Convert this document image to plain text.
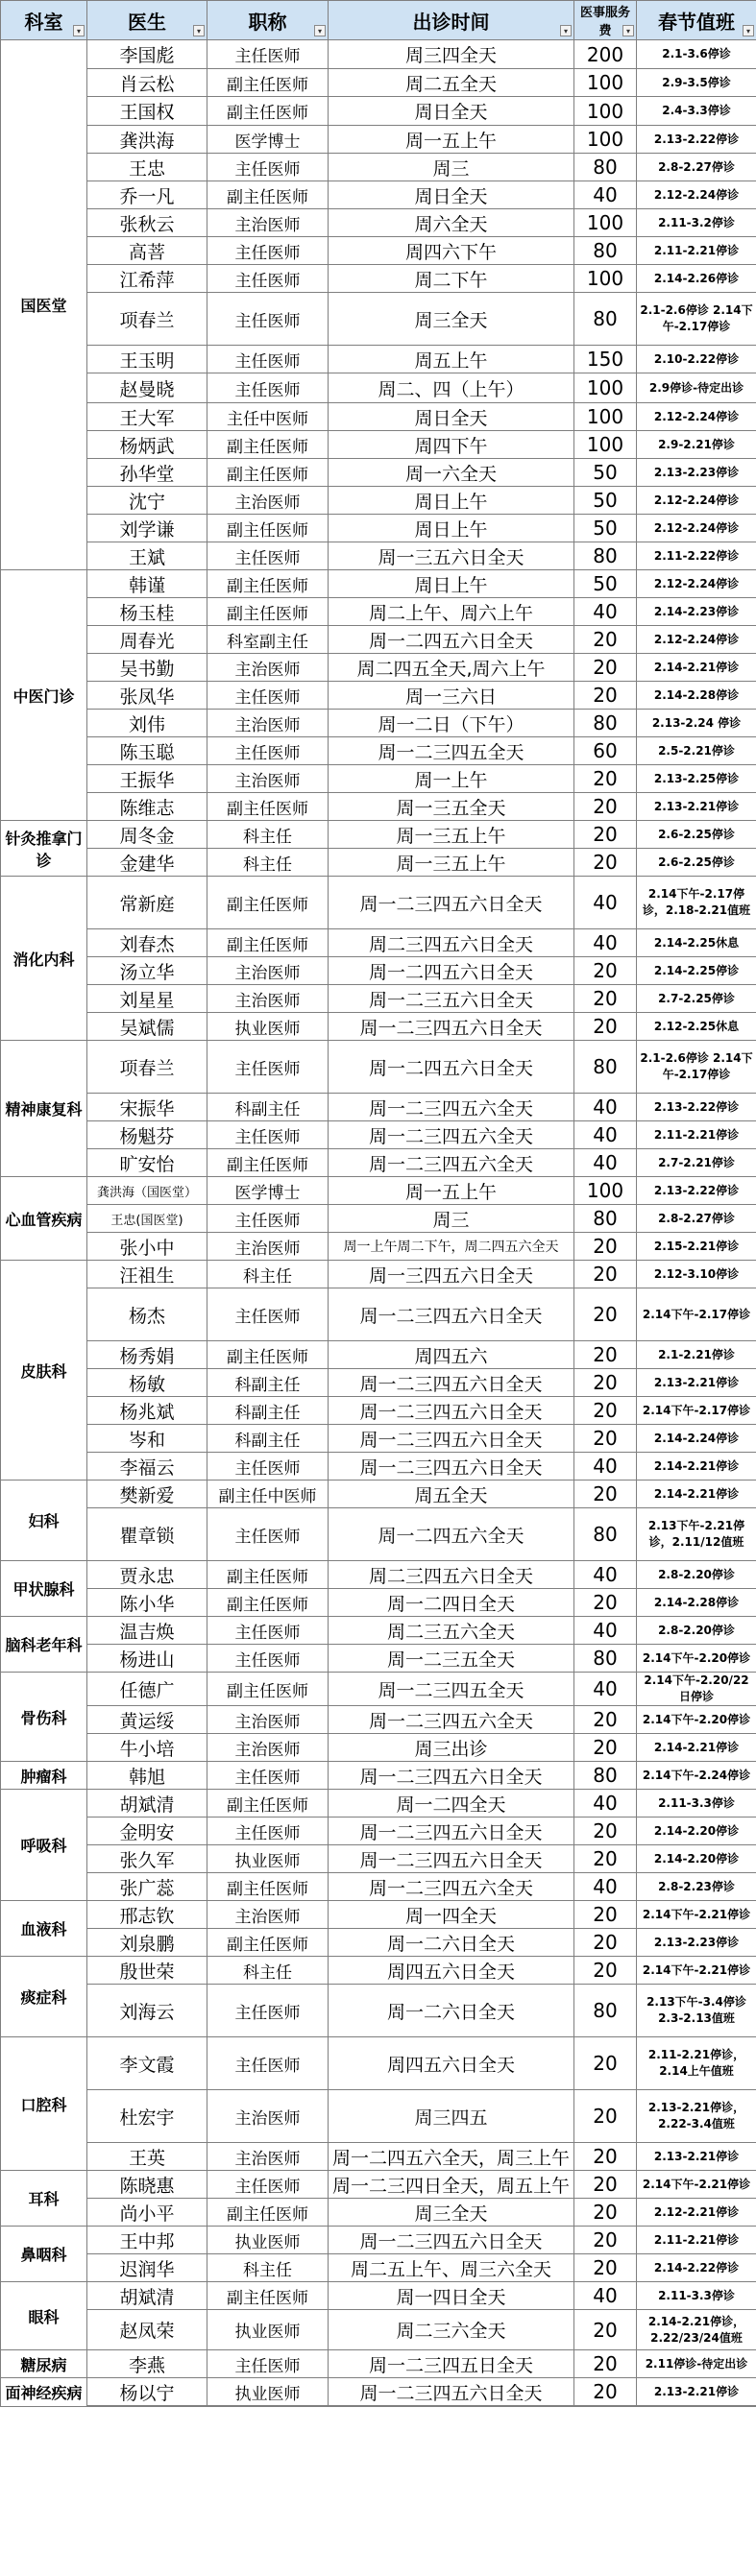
科室 ▾	医生 ▾	职称 ▾	出诊时间 ▾	医事服务费 ▾	春节值班 ▾

国医堂	李国彪	主任医师	周三四全天	200	2.1-3.6停诊
	肖云松	副主任医师	周二五全天	100	2.9-3.5停诊
	王国权	副主任医师	周日全天	100	2.4-3.3停诊
	龚洪海	医学博士	周一五上午	100	2.13-2.22停诊
	王忠	主任医师	周三	80	2.8-2.27停诊
	乔一凡	副主任医师	周日全天	40	2.12-2.24停诊
	张秋云	主治医师	周六全天	100	2.11-3.2停诊
	高菩	主任医师	周四六下午	80	2.11-2.21停诊
	江希萍	主任医师	周二下午	100	2.14-2.26停诊
	项春兰	主任医师	周三全天	80	2.1-2.6停诊 2.14下午-2.17停诊
	王玉明	主任医师	周五上午	150	2.10-2.22停诊
	赵曼晓	主任医师	周二、四（上午）	100	2.9停诊-待定出诊
	王大军	主任中医师	周日全天	100	2.12-2.24停诊
	杨炳武	副主任医师	周四下午	100	2.9-2.21停诊
	孙华堂	副主任医师	周一六全天	50	2.13-2.23停诊
	沈宁	主治医师	周日上午	50	2.12-2.24停诊
	刘学谦	副主任医师	周日上午	50	2.12-2.24停诊
	王斌	主任医师	周一三五六日全天	80	2.11-2.22停诊
中医门诊	韩谨	副主任医师	周日上午	50	2.12-2.24停诊
	杨玉桂	副主任医师	周二上午、周六上午	40	2.14-2.23停诊
	周春光	科室副主任	周一二四五六日全天	20	2.12-2.24停诊
	吴书勤	主治医师	周二四五全天,周六上午	20	2.14-2.21停诊
	张凤华	主任医师	周一三六日	20	2.14-2.28停诊
	刘伟	主治医师	周一二日（下午）	80	2.13-2.24 停诊
	陈玉聪	主任医师	周一二三四五全天	60	2.5-2.21停诊
	王振华	主治医师	周一上午	20	2.13-2.25停诊
	陈维志	副主任医师	周一三五全天	20	2.13-2.21停诊
针灸推拿门诊	周冬金	科主任	周一三五上午	20	2.6-2.25停诊
	金建华	科主任	周一三五上午	20	2.6-2.25停诊
消化内科	常新庭	副主任医师	周一二三四五六日全天	40	2.14下午-2.17停诊，2.18-2.21值班
	刘春杰	副主任医师	周二三四五六日全天	40	2.14-2.25休息
	汤立华	主治医师	周一二四五六日全天	20	2.14-2.25停诊
	刘星星	主治医师	周一二三五六日全天	20	2.7-2.25停诊
	吴斌儒	执业医师	周一二三四五六日全天	20	2.12-2.25休息
精神康复科	项春兰	主任医师	周一二四五六日全天	80	2.1-2.6停诊 2.14下午-2.17停诊
	宋振华	科副主任	周一二三四五六全天	40	2.13-2.22停诊
	杨魁芬	主任医师	周一二三四五六全天	40	2.11-2.21停诊
	旷安怡	副主任医师	周一二三四五六全天	40	2.7-2.21停诊
心血管疾病	龚洪海（国医堂）	医学博士	周一五上午	100	2.13-2.22停诊
	王忠(国医堂)	主任医师	周三	80	2.8-2.27停诊
	张小中	主治医师	周一上午周二下午，周二四五六全天	20	2.15-2.21停诊
皮肤科	汪祖生	科主任	周一三四五六日全天	20	2.12-3.10停诊
	杨杰	主任医师	周一二三四五六日全天	20	2.14下午-2.17停诊
	杨秀娟	副主任医师	周四五六	20	2.1-2.21停诊
	杨敏	科副主任	周一二三四五六日全天	20	2.13-2.21停诊
	杨兆斌	科副主任	周一二三四五六日全天	20	2.14下午-2.17停诊
	岑和	科副主任	周一二三四五六日全天	20	2.14-2.24停诊
	李福云	主任医师	周一二三四五六日全天	40	2.14-2.21停诊
妇科	樊新爱	副主任中医师	周五全天	20	2.14-2.21停诊
	瞿章锁	主任医师	周一二四五六全天	80	2.13下午-2.21停诊，2.11/12值班
甲状腺科	贾永忠	副主任医师	周二三四五六日全天	40	2.8-2.20停诊
	陈小华	副主任医师	周一二四日全天	20	2.14-2.28停诊
脑科老年科	温吉焕	主任医师	周二三五六全天	40	2.8-2.20停诊
	杨进山	主任医师	周一二三五全天	80	2.14下午-2.20停诊
骨伤科	任德广	副主任医师	周一二三四五全天	40	2.14下午-2.20/22日停诊
	黄运绥	主治医师	周一二三四五六全天	20	2.14下午-2.20停诊
	牛小培	主治医师	周三出诊	20	2.14-2.21停诊
肿瘤科	韩旭	主任医师	周一二三四五六日全天	80	2.14下午-2.24停诊
呼吸科	胡斌清	副主任医师	周一二四全天	40	2.11-3.3停诊
	金明安	主任医师	周一二三四五六日全天	20	2.14-2.20停诊
	张久军	执业医师	周一二三四五六日全天	20	2.14-2.20停诊
	张广蕊	副主任医师	周一二三四五六全天	40	2.8-2.23停诊
血液科	邢志钦	主治医师	周一四全天	20	2.14下午-2.21停诊
	刘泉鹏	副主任医师	周一二六日全天	20	2.13-2.23停诊
痰症科	殷世荣	科主任	周四五六日全天	20	2.14下午-2.21停诊
	刘海云	主任医师	周一二六日全天	80	2.13下午-3.4停诊 2.3-2.13值班
口腔科	李文霞	主任医师	周四五六日全天	20	2.11-2.21停诊，2.14上午值班
	杜宏宇	主治医师	周三四五	20	2.13-2.21停诊，2.22-3.4值班
	王英	主治医师	周一二四五六全天，周三上午	20	2.13-2.21停诊
耳科	陈晓惠	主任医师	周一二三四日全天，周五上午	20	2.14下午-2.21停诊
	尚小平	副主任医师	周三全天	20	2.12-2.21停诊
鼻咽科	王中邦	执业医师	周一二三四五六日全天	20	2.11-2.21停诊
	迟润华	科主任	周二五上午、周三六全天	20	2.14-2.22停诊
眼科	胡斌清	副主任医师	周一四日全天	40	2.11-3.3停诊
	赵凤荣	执业医师	周二三六全天	20	2.14-2.21停诊，2.22/23/24值班
糖尿病	李燕	主任医师	周一二三四五日全天	20	2.11停诊-待定出诊
面神经疾病	杨以宁	执业医师	周一二三四五六日全天	20	2.13-2.21停诊
